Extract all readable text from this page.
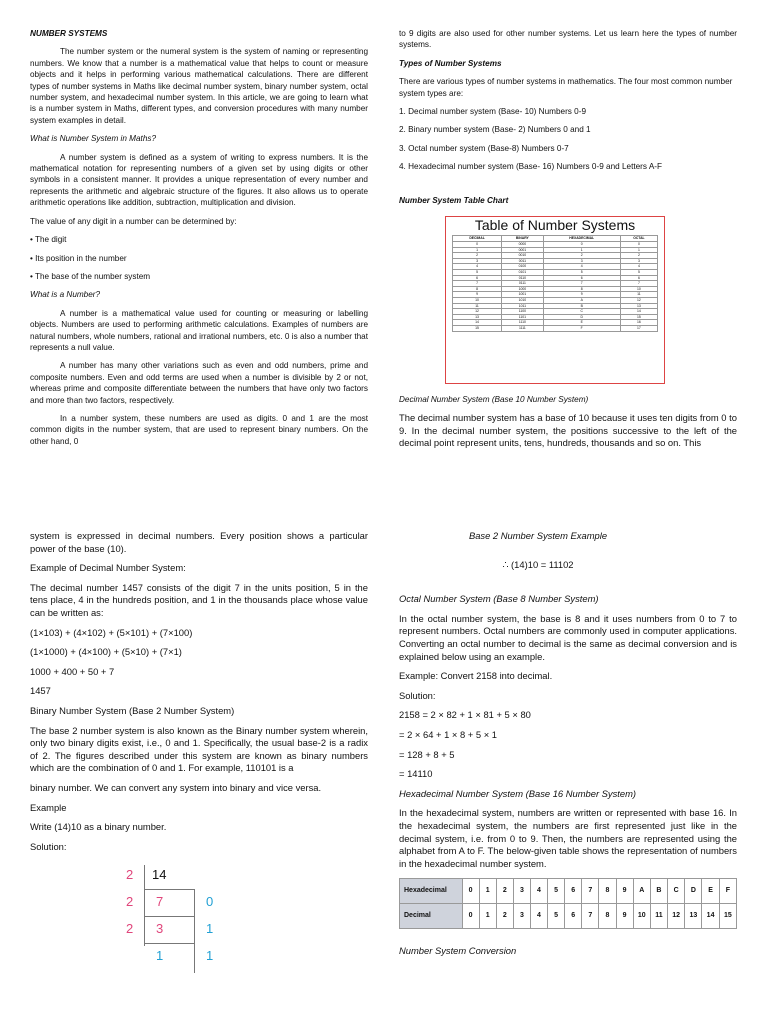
NUMBER SYSTEMS

The number system or the numeral system is the system of naming or representing numbers. We know that a number is a mathematical value that helps to count or measure objects and it helps in performing various mathematical calculations. There are different types of number systems in Maths like decimal number system, binary number system, octal number system, and hexadecimal number system. In this article, we are going to learn what is a number system in Maths, different types, and conversion procedures with many number system examples in detail.

What is Number System in Maths?

A number system is defined as a system of writing to express numbers. It is the mathematical notation for representing numbers of a given set by using digits or other symbols in a consistent manner. It provides a unique representation of every number and represents the arithmetic and algebraic structure of the figures. It also allows us to operate arithmetic operations like addition, subtraction, multiplication and division.

The value of any digit in a number can be determined by:

• The digit

• Its position in the number

• The base of the number system

What is a Number?

A number is a mathematical value used for counting or measuring or labelling objects. Numbers are used to performing arithmetic calculations. Examples of numbers are natural numbers, whole numbers, rational and irrational numbers, etc. 0 is also a number that represents a null value.

A number has many other variations such as even and odd numbers, prime and composite numbers. Even and odd terms are used when a number is divisible by 2 or not, whereas prime and composite differentiate between the numbers that have only two factors and more than two factors, respectively.

In a number system, these numbers are used as digits. 0 and 1 are the most common digits in the number system, that are used to represent binary numbers. On the other hand, 0

to 9 digits are also used for other number systems. Let us learn here the types of number systems.

Types of Number Systems

There are various types of number systems in mathematics. The four most common number system types are:

1. Decimal number system (Base- 10) Numbers 0-9

2. Binary number system (Base- 2) Numbers 0 and 1

3. Octal number system (Base-8) Numbers 0-7

4. Hexadecimal number system (Base- 16) Numbers 0-9 and Letters A-F

Number System Table Chart

Table of Number Systems
DECIMAL	BINARY	HEXADECIMAL	OCTAL
0	0000	0	0
1	0001	1	1
2	0010	2	2
3	0011	3	3
4	0100	4	4
5	0101	5	5
6	0110	6	6
7	0111	7	7
8	1000	8	10
9	1001	9	11
10	1010	A	12
11	1011	B	13
12	1100	C	14
13	1101	D	15
14	1110	E	16
15	1111	F	17

Decimal Number System (Base 10 Number System)

The decimal number system has a base of 10 because it uses ten digits from 0 to 9. In the decimal number system, the positions successive to the left of the decimal point represent units, tens, hundreds, thousands and so on. This

system is expressed in decimal numbers. Every position shows a particular power of the base (10).

Example of Decimal Number System:

The decimal number 1457 consists of the digit 7 in the units position, 5 in the tens place, 4 in the hundreds position, and 1 in the thousands place whose value can be written as:

(1×103) + (4×102) + (5×101) + (7×100)

(1×1000) + (4×100) + (5×10) + (7×1)

1000 + 400 + 50 + 7

1457

Binary Number System (Base 2 Number System)

The base 2 number system is also known as the Binary number system wherein, only two binary digits exist, i.e., 0 and 1. Specifically, the usual base-2 is a radix of 2. The figures described under this system are known as binary numbers which are the combination of 0 and 1. For example, 110101 is a

binary number. We can convert any system into binary and vice versa.

Example

Write (14)10 as a binary number.

Solution:

2 14
2 7	0
2 3	1
1	1

Base 2 Number System Example

∴ (14)10 = 11102

Octal Number System (Base 8 Number System)

In the octal number system, the base is 8 and it uses numbers from 0 to 7 to represent numbers. Octal numbers are commonly used in computer applications. Converting an octal number to decimal is the same as decimal conversion and is explained below using an example.

Example: Convert 2158 into decimal.

Solution:

2158 = 2 × 82 + 1 × 81 + 5 × 80

= 2 × 64 + 1 × 8 + 5 × 1

= 128 + 8 + 5

= 14110

Hexadecimal Number System (Base 16 Number System)

In the hexadecimal system, numbers are written or represented with base 16. In the hexadecimal system, the numbers are first represented just like in the decimal system, i.e. from 0 to 9. Then, the numbers are represented using the alphabet from A to F. The below-given table shows the representation of numbers in the hexadecimal number system.

Hexadecimal	0	1	2	3	4	5	6	7	8	9	A	B	C	D	E	F
Decimal	0	1	2	3	4	5	6	7	8	9	10	11	12	13	14	15

Number System Conversion
